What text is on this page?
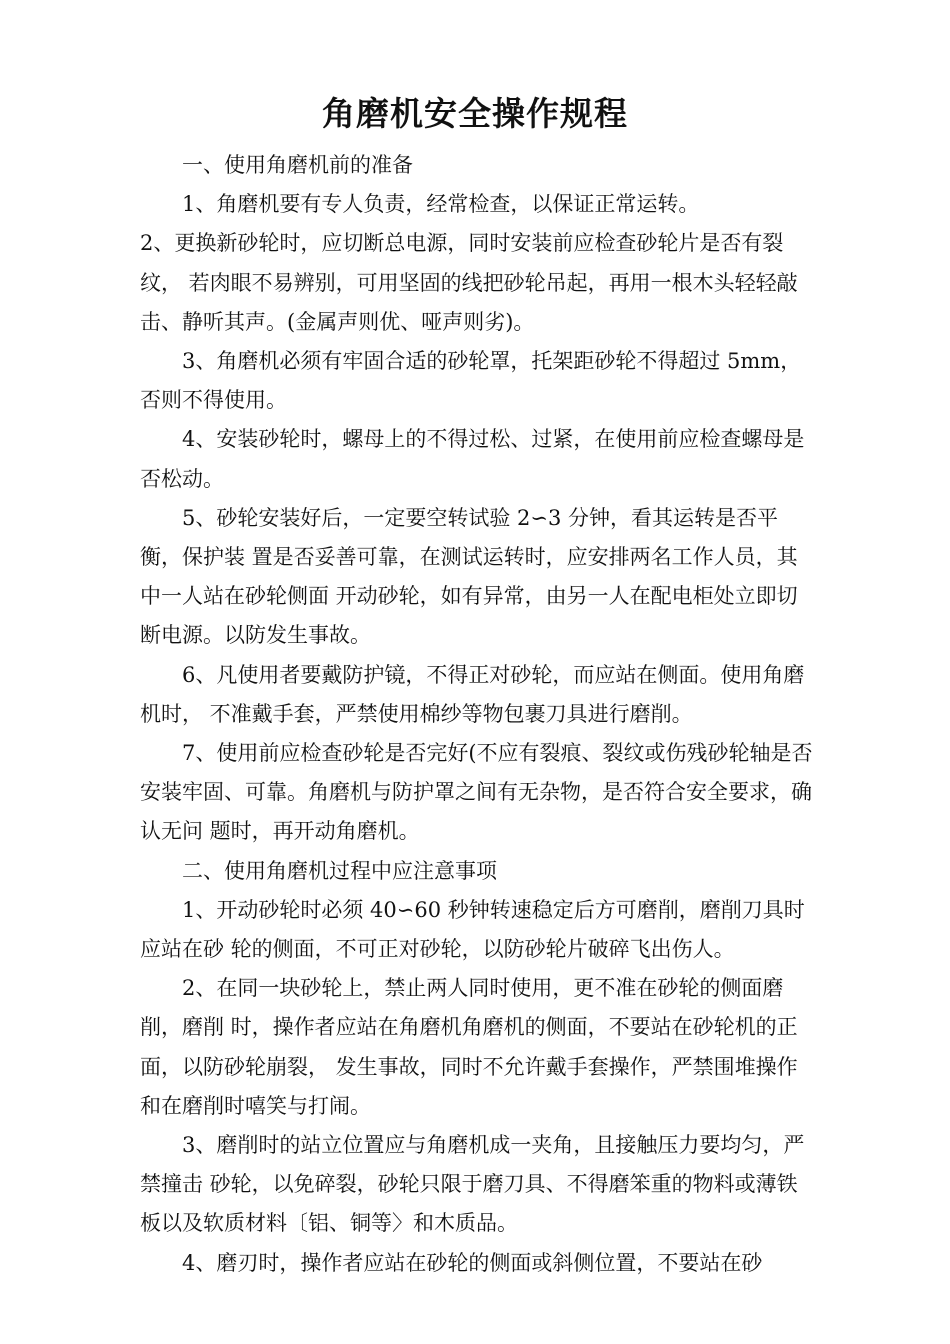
角磨机安全操作规程

一、使用角磨机前的准备

1、角磨机要有专人负责，经常检查，以保证正常运转。

2、更换新砂轮时，应切断总电源，同时安装前应检查砂轮片是否有裂纹， 若肉眼不易辨别，可用坚固的线把砂轮吊起，再用一根木头轻轻敲击、静听其声。(金属声则优、哑声则劣)。

3、角磨机必须有牢固合适的砂轮罩，托架距砂轮不得超过 5mm，否则不得使用。

4、安装砂轮时，螺母上的不得过松、过紧，在使用前应检查螺母是否松动。

5、砂轮安装好后，一定要空转试验 2∽3 分钟，看其运转是否平衡，保护装 置是否妥善可靠，在测试运转时，应安排两名工作人员，其中一人站在砂轮侧面 开动砂轮，如有异常，由另一人在配电柜处立即切断电源。以防发生事故。

6、凡使用者要戴防护镜，不得正对砂轮，而应站在侧面。使用角磨机时， 不准戴手套，严禁使用棉纱等物包裹刀具进行磨削。

7、使用前应检查砂轮是否完好(不应有裂痕、裂纹或伤残砂轮轴是否 安装牢固、可靠。角磨机与防护罩之间有无杂物，是否符合安全要求，确认无问 题时，再开动角磨机。

二、使用角磨机过程中应注意事项

1、开动砂轮时必须 40∽60 秒钟转速稳定后方可磨削，磨削刀具时应站在砂 轮的侧面，不可正对砂轮，以防砂轮片破碎飞出伤人。

2、在同一块砂轮上，禁止两人同时使用，更不准在砂轮的侧面磨削，磨削 时，操作者应站在角磨机角磨机的侧面，不要站在砂轮机的正面，以防砂轮崩裂， 发生事故，同时不允许戴手套操作，严禁围堆操作和在磨削时嘻笑与打闹。

3、磨削时的站立位置应与角磨机成一夹角，且接触压力要均匀，严禁撞击 砂轮，以免碎裂，砂轮只限于磨刀具、不得磨笨重的物料或薄铁板以及软质材料〔铝、铜等〉和木质品。

4、磨刃时，操作者应站在砂轮的侧面或斜侧位置，不要站在砂
